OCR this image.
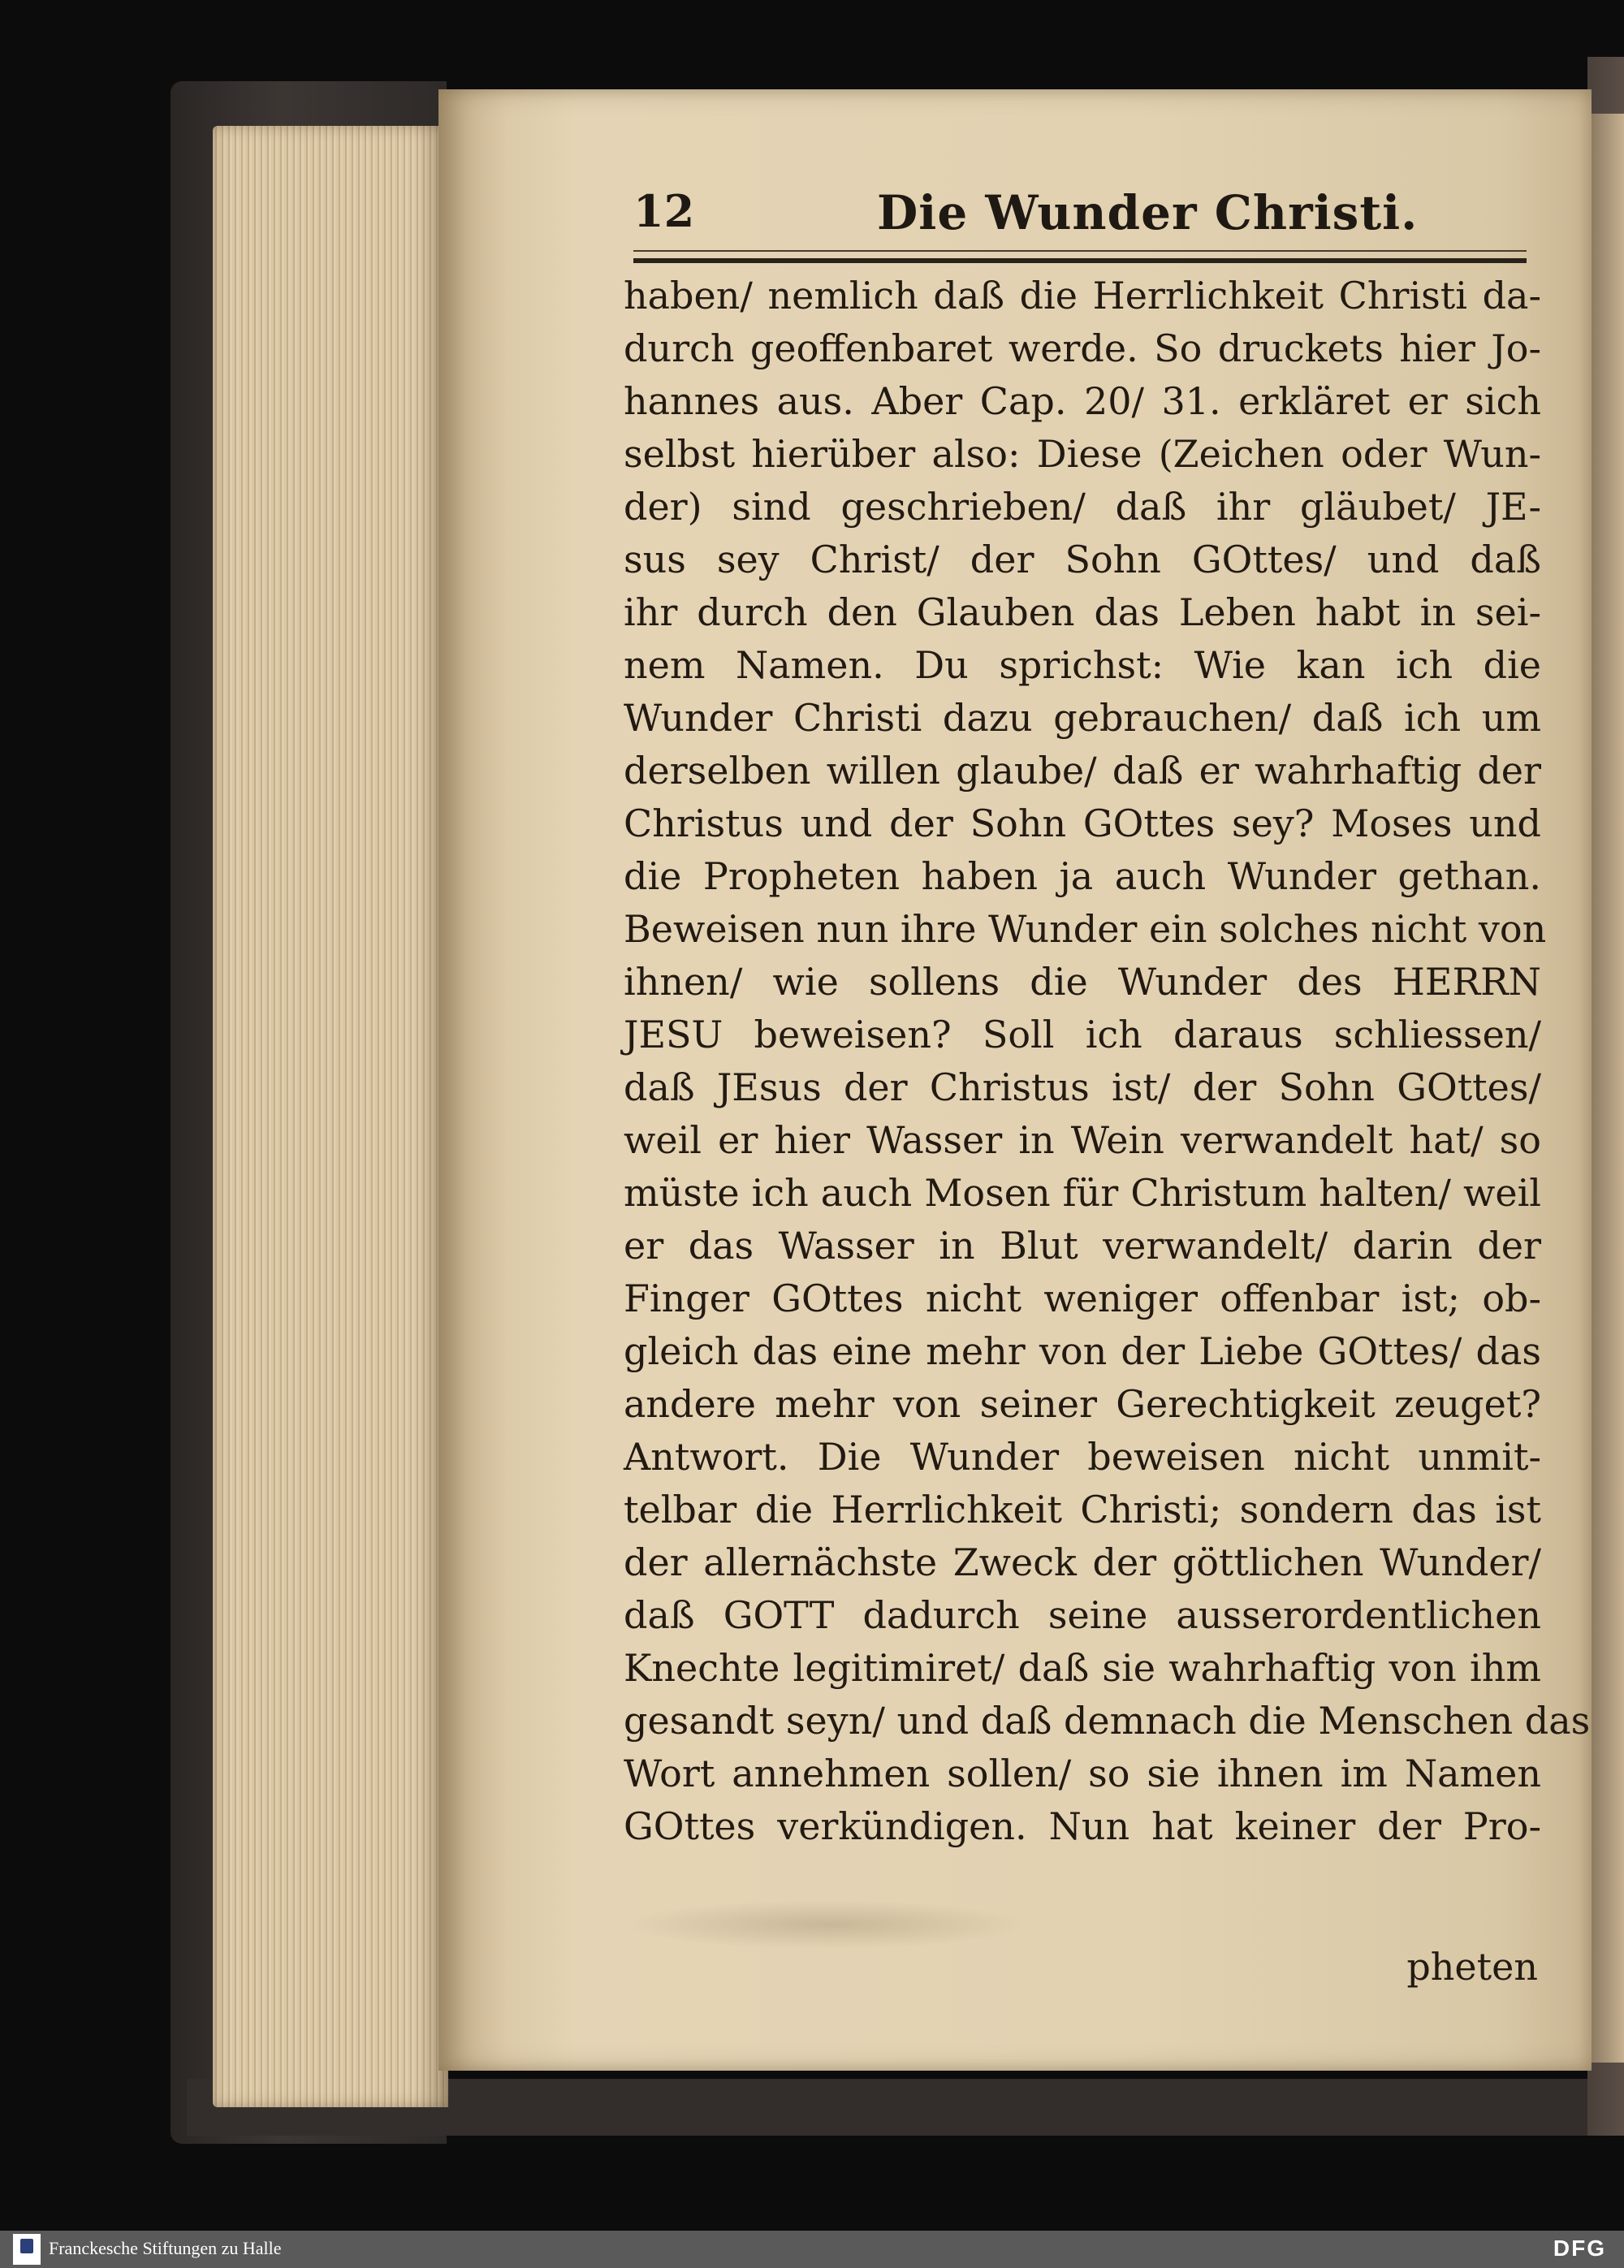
12	Die Wunder Christi.
haben/ nemlich daß die Herrlichkeit Christi da-
durch geoffenbaret werde. So druckets hier Jo-
hannes aus. Aber Cap. 20/ 31. erkläret er sich
selbst hierüber also: Diese (Zeichen oder Wun-
der) sind geschrieben/ daß ihr gläubet/ JE-
sus sey Christ/ der Sohn GOttes/ und daß
ihr durch den Glauben das Leben habt in sei-
nem Namen. Du sprichst: Wie kan ich die
Wunder Christi dazu gebrauchen/ daß ich um
derselben willen glaube/ daß er wahrhaftig der
Christus und der Sohn GOttes sey? Moses und
die Propheten haben ja auch Wunder gethan.
Beweisen nun ihre Wunder ein solches nicht von
ihnen/ wie sollens die Wunder des HERRN
JESU beweisen? Soll ich daraus schliessen/
daß JEsus der Christus ist/ der Sohn GOttes/
weil er hier Wasser in Wein verwandelt hat/ so
müste ich auch Mosen für Christum halten/ weil
er das Wasser in Blut verwandelt/ darin der
Finger GOttes nicht weniger offenbar ist; ob-
gleich das eine mehr von der Liebe GOttes/ das
andere mehr von seiner Gerechtigkeit zeuget?
Antwort. Die Wunder beweisen nicht unmit-
telbar die Herrlichkeit Christi; sondern das ist
der allernächste Zweck der göttlichen Wunder/
daß GOTT dadurch seine ausserordentlichen
Knechte legitimiret/ daß sie wahrhaftig von ihm
gesandt seyn/ und daß demnach die Menschen das
Wort annehmen sollen/ so sie ihnen im Namen
GOttes verkündigen. Nun hat keiner der Pro-
pheten
Franckesche Stiftungen zu Halle	DFG
